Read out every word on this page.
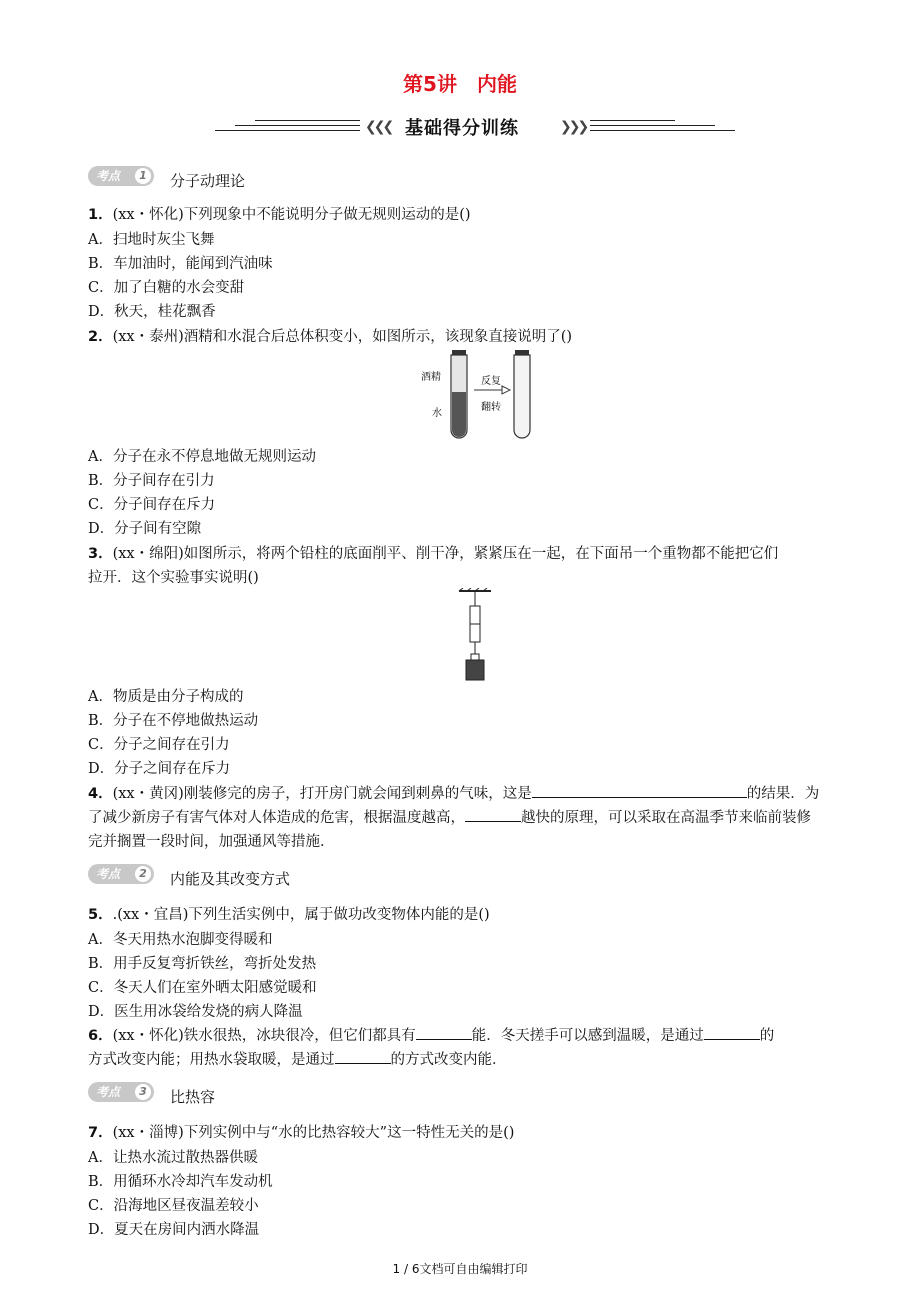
第5讲　内能
❮❮❮ 基础得分训练	❯❯❯
考点	1 分子动理论
1．(xx・怀化)下列现象中不能说明分子做无规则运动的是()
A．扫地时灰尘飞舞
B．车加油时，能闻到汽油味
C．加了白糖的水会变甜
D．秋天，桂花飘香
2．(xx・泰州)酒精和水混合后总体积变小，如图所示，该现象直接说明了()
酒精
水
反复
翻转
A．分子在永不停息地做无规则运动
B．分子间存在引力
C．分子间存在斥力
D．分子间有空隙
3．(xx・绵阳)如图所示，将两个铅柱的底面削平、削干净，紧紧压在一起，在下面吊一个重物都不能把它们
拉开．这个实验事实说明()
A．物质是由分子构成的
B．分子在不停地做热运动
C．分子之间存在引力
D．分子之间存在斥力
4．(xx・黄冈)刚装修完的房子，打开房门就会闻到刺鼻的气味，这是	的结果．为
了减少新房子有害气体对人体造成的危害，根据温度越高，	越快的原理，可以采取在高温季节来临前装修
完并搁置一段时间，加强通风等措施．
考点	2 内能及其改变方式
5．.(xx・宜昌)下列生活实例中，属于做功改变物体内能的是()
A．冬天用热水泡脚变得暖和
B．用手反复弯折铁丝，弯折处发热
C．冬天人们在室外晒太阳感觉暖和
D．医生用冰袋给发烧的病人降温
6．(xx・怀化)铁水很热，冰块很冷，但它们都具有	能．冬天搓手可以感到温暖，是通过	的
方式改变内能；用热水袋取暖，是通过	的方式改变内能．
考点	3 比热容
7．(xx・淄博)下列实例中与“水的比热容较大”这一特性无关的是()
A．让热水流过散热器供暖
B．用循环水冷却汽车发动机
C．沿海地区昼夜温差较小
D．夏天在房间内洒水降温
1 / 6文档可自由编辑打印
